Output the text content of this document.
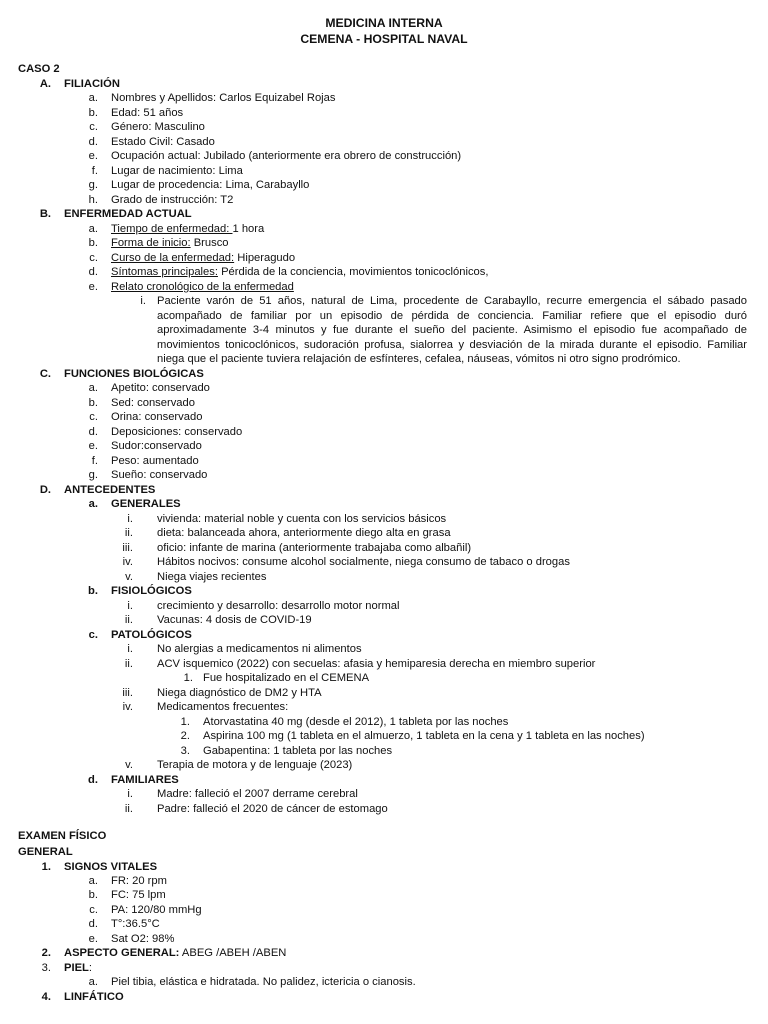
MEDICINA INTERNA
CEMENA - HOSPITAL NAVAL
CASO 2
A. FILIACIÓN
a. Nombres y Apellidos: Carlos Equizabel Rojas
b. Edad: 51 años
c. Género: Masculino
d. Estado Civil: Casado
e. Ocupación actual: Jubilado (anteriormente era obrero de construcción)
f. Lugar de nacimiento: Lima
g. Lugar de procedencia: Lima, Carabayllo
h. Grado de instrucción: T2
B. ENFERMEDAD ACTUAL
a. Tiempo de enfermedad: 1 hora
b. Forma de inicio: Brusco
c. Curso de la enfermedad: Hiperagudo
d. Síntomas principales: Pérdida de la conciencia, movimientos tonicoclónicos,
e. Relato cronológico de la enfermedad
i. Paciente varón de 51 años, natural de Lima, procedente de Carabayllo, recurre emergencia el sábado pasado acompañado de familiar por un episodio de pérdida de conciencia. Familiar refiere que el episodio duró aproximadamente 3-4 minutos y fue durante el sueño del paciente. Asimismo el episodio fue acompañado de movimientos tonicoclónicos, sudoración profusa, sialorrea y desviación de la mirada durante el episodio. Familiar niega que el paciente tuviera relajación de esfínteres, cefalea, náuseas, vómitos ni otro signo prodrómico.
C. FUNCIONES BIOLÓGICAS
a. Apetito: conservado
b. Sed: conservado
c. Orina: conservado
d. Deposiciones: conservado
e. Sudor:conservado
f. Peso: aumentado
g. Sueño: conservado
D. ANTECEDENTES
a. GENERALES
i. vivienda: material noble y cuenta con los servicios básicos
ii. dieta: balanceada ahora, anteriormente diego alta en grasa
iii. oficio: infante de marina (anteriormente trabajaba como albañil)
iv. Hábitos nocivos: consume alcohol socialmente, niega consumo de tabaco o drogas
v. Niega viajes recientes
b. FISIOLÓGICOS
i. crecimiento y desarrollo: desarrollo motor normal
ii. Vacunas: 4 dosis de COVID-19
c. PATOLÓGICOS
i. No alergias a medicamentos ni alimentos
ii. ACV isquemico (2022) con secuelas: afasia y hemiparesia derecha en miembro superior
1. Fue hospitalizado en el CEMENA
iii. Niega diagnóstico de DM2 y HTA
iv. Medicamentos frecuentes:
1. Atorvastatina 40 mg (desde el 2012), 1 tableta por las noches
2. Aspirina 100 mg (1 tableta en el almuerzo, 1 tableta en la cena y 1 tableta en las noches)
3. Gabapentina: 1 tableta por las noches
v. Terapia de motora y de lenguaje (2023)
d. FAMILIARES
i. Madre: falleció el 2007 derrame cerebral
ii. Padre: falleció el 2020 de cáncer de estomago
EXAMEN FÍSICO
GENERAL
1. SIGNOS VITALES
a. FR: 20 rpm
b. FC: 75 lpm
c. PA: 120/80 mmHg
d. T°:36.5°C
e. Sat O2: 98%
2. ASPECTO GENERAL: ABEG /ABEH /ABEN
3. PIEL:
a. Piel tibia, elástica e hidratada. No palidez, ictericia o cianosis.
4. LINFÁTICO
